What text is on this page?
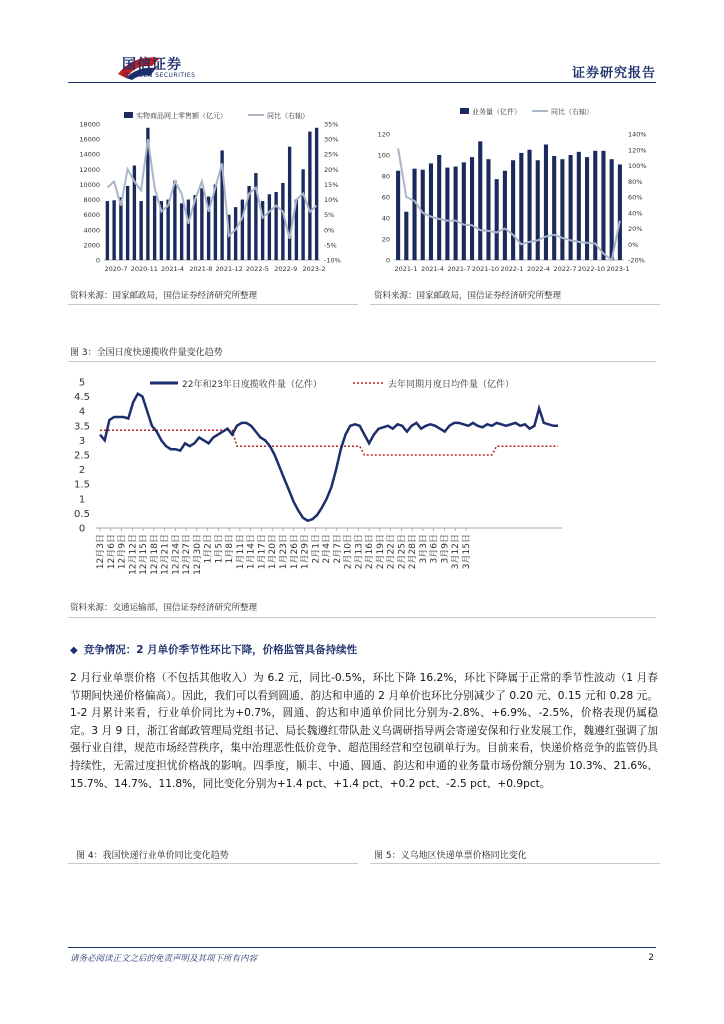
国信证券
GUOSEN SECURITIES	证券研究报告
18000
16000
14000
12000
10000
8000
6000
4000
2000
0
35%
30%
25%
20%
15%
10%
5%
0%
-5%
-10%
2020-7 2020-11 2021-4 2021-8 2021-12 2022-5 2022-9 2023-2
实物商品网上零售额（亿元）	同比（右轴）
资料来源：国家邮政局，国信证券经济研究所整理
120
100
80
60
40
20
0
140%
120%
100%
80%
60%
40%
20%
0%
-20%
2021-1 2021-4 2021-7 2021-10 2022-1 2022-4 2022-7 2022-10 2023-1
业务量（亿件）	同比（右轴）
资料来源：国家邮政局，国信证券经济研究所整理
图 3：全国日度快递揽收件量变化趋势
5
4.5
4
3.5
3
2.5
2
1.5
1
0.5
0
12月3日 12月6日 12月9日 12月12日 12月15日 12月18日 12月21日 12月24日 12月27日 12月30日 1月2日 1月5日 1月8日 1月11日 1月14日 1月17日 1月20日 1月23日 1月26日 1月29日 2月1日 2月4日 2月7日 2月10日 2月13日 2月16日 2月19日 2月22日 2月25日 2月28日 3月3日 3月6日 3月9日 3月12日 3月15日
22年和23年日度揽收件量（亿件）	去年同期月度日均件量（亿件）
资料来源：交通运输部，国信证券经济研究所整理
◆ 竞争情况：2 月单价季节性环比下降，价格监管具备持续性
2 月行业单票价格（不包括其他收入）为 6.2 元，同比-0.5%，环比下降 16.2%，环比下降属于正常的季节性波动（1 月春节期间快递价格偏高）。因此，我们可以看到圆通、韵达和申通的 2 月单价也环比分别减少了 0.20 元、0.15 元和 0.28 元。1-2 月累计来看，行业单价同比为+0.7%，圆通、韵达和申通单价同比分别为-2.8%、+6.9%、-2.5%，价格表现仍属稳定。3 月 9 日，浙江省邮政管理局党组书记、局长魏遵红带队赴义乌调研指导两会寄递安保和行业发展工作，魏遵红强调了加强行业自律，规范市场经营秩序，集中治理恶性低价竞争、超范围经营和空包刷单行为。目前来看，快递价格竞争的监管仍具持续性，无需过度担忧价格战的影响。四季度，顺丰、中通、圆通、韵达和申通的业务量市场份额分别为 10.3%、21.6%、15.7%、14.7%、11.8%，同比变化分别为+1.4 pct、+1.4 pct、+0.2 pct、-2.5 pct、+0.9pct。
图 4：我国快递行业单价同比变化趋势	图 5：义乌地区快递单票价格同比变化
请务必阅读正文之后的免责声明及其项下所有内容	2
